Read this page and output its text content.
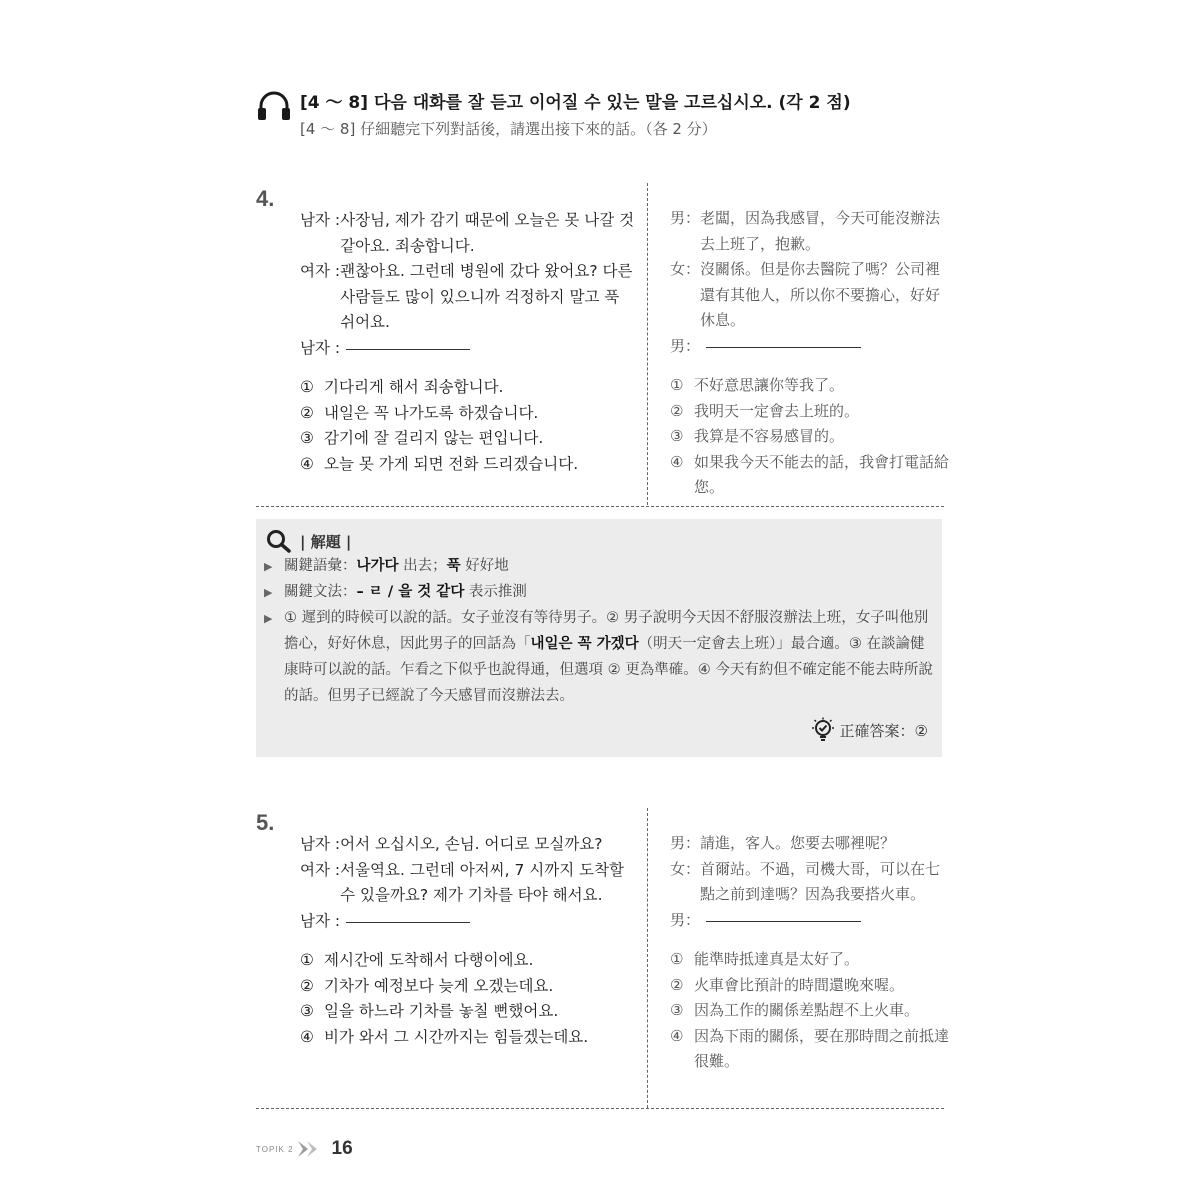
[4 ～ 8] 다음 대화를 잘 듣고 이어질 수 있는 말을 고르십시오. (각 2 점)
[4 ～ 8] 仔細聽完下列對話後，請選出接下來的話。（各 2 分）
4.
남자 : 사장님, 제가 감기 때문에 오늘은 못 나갈 것 같아요. 죄송합니다.
여자 : 괜찮아요. 그런데 병원에 갔다 왔어요? 다른 사람들도 많이 있으니까 걱정하지 말고 푹 쉬어요.
남자 :
① 기다리게 해서 죄송합니다.
② 내일은 꼭 나가도록 하겠습니다.
③ 감기에 잘 걸리지 않는 편입니다.
④ 오늘 못 가게 되면 전화 드리겠습니다.
男： 老闆，因為我感冒，今天可能沒辦法去上班了，抱歉。
女： 沒關係。但是你去醫院了嗎？公司裡還有其他人，所以你不要擔心，好好休息。
男：
① 不好意思讓你等我了。
② 我明天一定會去上班的。
③ 我算是不容易感冒的。
④ 如果我今天不能去的話，我會打電話給您。
| 解題 |
▶ 關鍵語彙：나가다 出去；푹 好好地
▶ 關鍵文法：– ㄹ / 을 것 같다 表示推測
▶ ① 遲到的時候可以說的話。女子並沒有等待男子。② 男子說明今天因不舒服沒辦法上班，女子叫他別擔心，好好休息，因此男子的回話為「내일은 꼭 가겠다（明天一定會去上班）」最合適。③ 在談論健康時可以說的話。乍看之下似乎也說得通，但選項 ② 更為準確。④ 今天有約但不確定能不能去時所說的話。但男子已經說了今天感冒而沒辦法去。
正確答案：②
5.
남자 : 어서 오십시오, 손님. 어디로 모실까요?
여자 : 서울역요. 그런데 아저씨, 7 시까지 도착할 수 있을까요? 제가 기차를 타야 해서요.
남자 :
① 제시간에 도착해서 다행이에요.
② 기차가 예정보다 늦게 오겠는데요.
③ 일을 하느라 기차를 놓칠 뻔했어요.
④ 비가 와서 그 시간까지는 힘들겠는데요.
男： 請進，客人。您要去哪裡呢？
女： 首爾站。不過，司機大哥，可以在七點之前到達嗎？因為我要搭火車。
男：
① 能準時抵達真是太好了。
② 火車會比預計的時間還晚來喔。
③ 因為工作的關係差點趕不上火車。
④ 因為下雨的關係，要在那時間之前抵達很難。
TOPIK 2 16
